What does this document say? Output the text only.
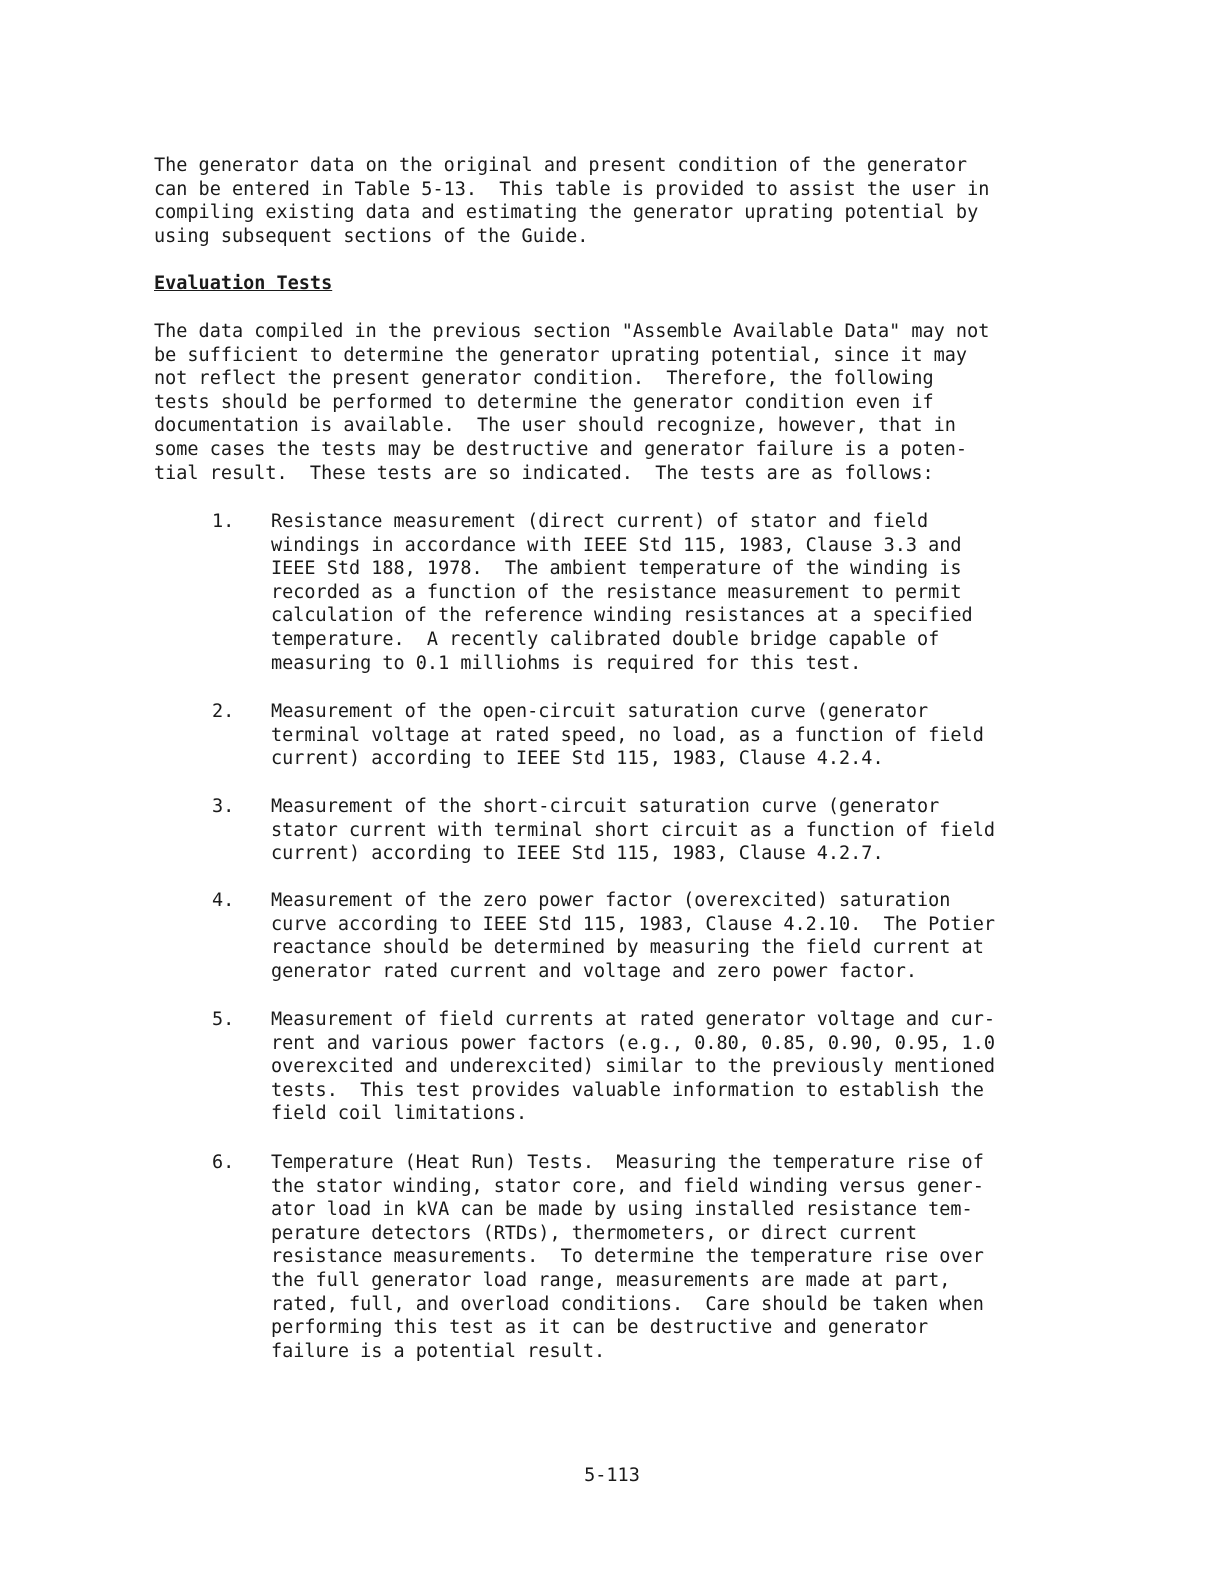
The generator data on the original and present condition of the generator
can be entered in Table 5-13.  This table is provided to assist the user in
compiling existing data and estimating the generator uprating potential by
using subsequent sections of the Guide.

Evaluation Tests

The data compiled in the previous section "Assemble Available Data" may not
be sufficient to determine the generator uprating potential, since it may
not reflect the present generator condition.  Therefore, the following
tests should be performed to determine the generator condition even if
documentation is available.  The user should recognize, however, that in
some cases the tests may be destructive and generator failure is a poten-
tial result.  These tests are so indicated.  The tests are as follows:

1. Resistance measurement (direct current) of stator and field
windings in accordance with IEEE Std 115, 1983, Clause 3.3 and
IEEE Std 188, 1978.  The ambient temperature of the winding is
recorded as a function of the resistance measurement to permit
calculation of the reference winding resistances at a specified
temperature.  A recently calibrated double bridge capable of
measuring to 0.1 milliohms is required for this test.

2. Measurement of the open-circuit saturation curve (generator
terminal voltage at rated speed, no load, as a function of field
current) according to IEEE Std 115, 1983, Clause 4.2.4.

3. Measurement of the short-circuit saturation curve (generator
stator current with terminal short circuit as a function of field
current) according to IEEE Std 115, 1983, Clause 4.2.7.

4. Measurement of the zero power factor (overexcited) saturation
curve according to IEEE Std 115, 1983, Clause 4.2.10.  The Potier
reactance should be determined by measuring the field current at
generator rated current and voltage and zero power factor.

5. Measurement of field currents at rated generator voltage and cur-
rent and various power factors (e.g., 0.80, 0.85, 0.90, 0.95, 1.0
overexcited and underexcited) similar to the previously mentioned
tests.  This test provides valuable information to establish the
field coil limitations.

6. Temperature (Heat Run) Tests.  Measuring the temperature rise of
the stator winding, stator core, and field winding versus gener-
ator load in kVA can be made by using installed resistance tem-
perature detectors (RTDs), thermometers, or direct current
resistance measurements.  To determine the temperature rise over
the full generator load range, measurements are made at part,
rated, full, and overload conditions.  Care should be taken when
performing this test as it can be destructive and generator
failure is a potential result.

5-113
